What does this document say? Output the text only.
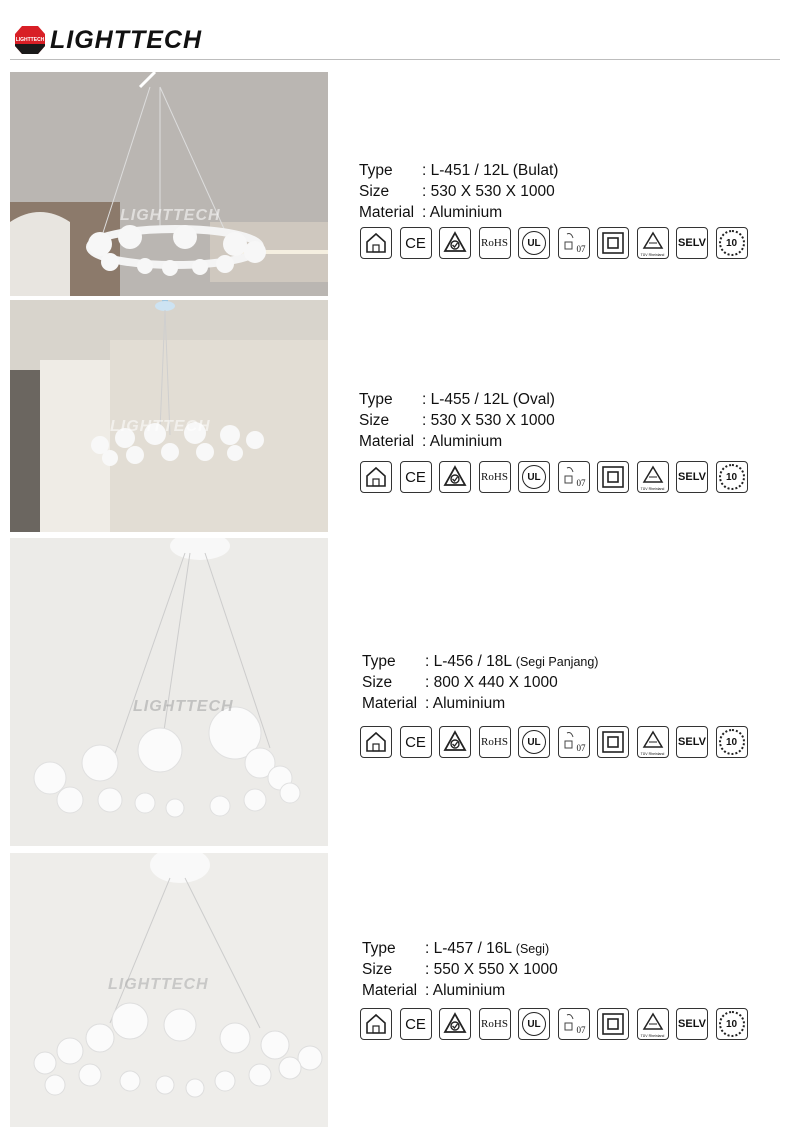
LIGHTTECH LIGHTTECH
LIGHTTECH
Type : L-451 / 12L (Bulat)
Size : 530 X 530 X 1000
Material : Aluminium
CE	RoHS UL
07
TÜV Rheinland
SELV 10
LIGHTTECH
Type : L-455 / 12L (Oval)
Size : 530 X 530 X 1000
Material : Aluminium
CE	RoHS UL
07
TÜV Rheinland
SELV 10
LIGHTTECH
Type : L-456 / 18L (Segi Panjang)
Size : 800 X 440 X 1000
Material : Aluminium
CE	RoHS UL
07
TÜV Rheinland
SELV 10
LIGHTTECH
Type : L-457 / 16L (Segi)
Size : 550 X 550 X 1000
Material : Aluminium
CE	RoHS UL
07
TÜV Rheinland
SELV 10
